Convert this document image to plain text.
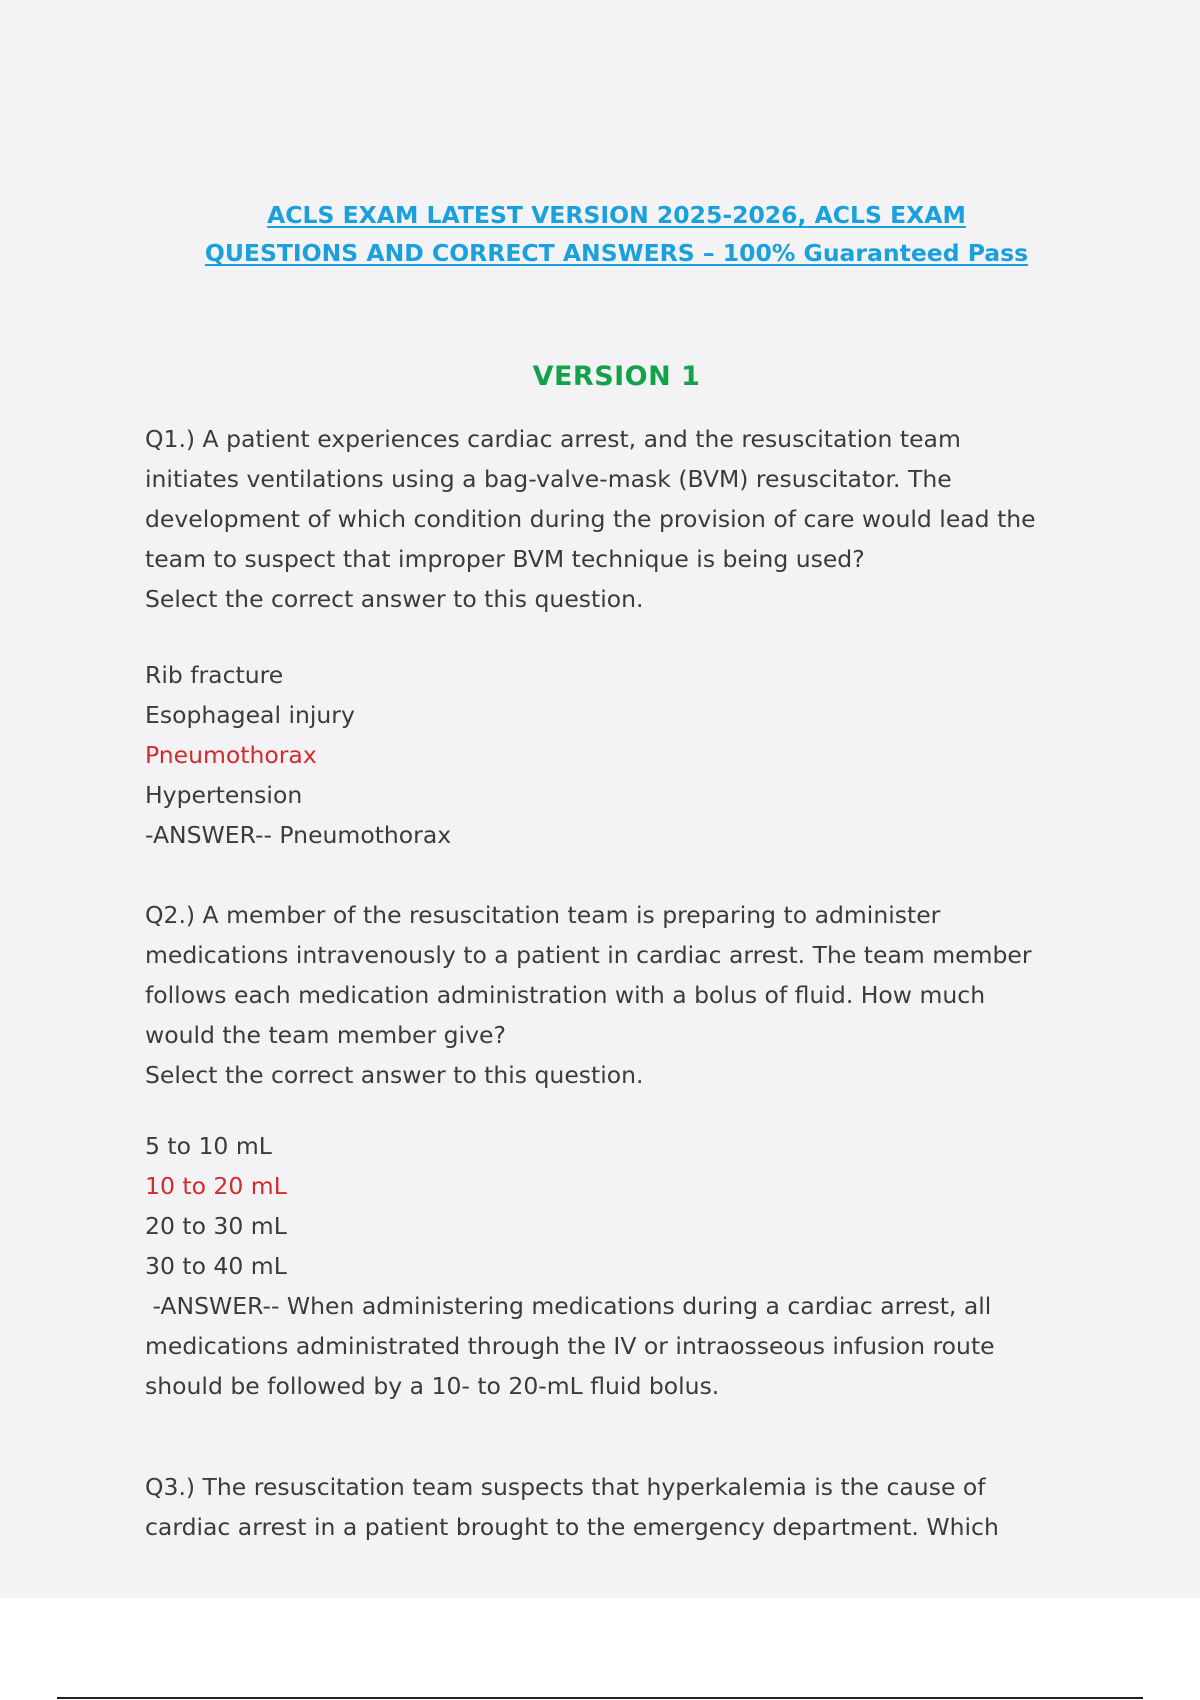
ACLS EXAM LATEST VERSION 2025-2026, ACLS EXAM
QUESTIONS AND CORRECT ANSWERS – 100% Guaranteed Pass
VERSION 1
Q1.) A patient experiences cardiac arrest, and the resuscitation team
initiates ventilations using a bag-valve-mask (BVM) resuscitator. The
development of which condition during the provision of care would lead the
team to suspect that improper BVM technique is being used?
Select the correct answer to this question.
Rib fracture
Esophageal injury
Pneumothorax
Hypertension
-ANSWER-- Pneumothorax
Q2.) A member of the resuscitation team is preparing to administer
medications intravenously to a patient in cardiac arrest. The team member
follows each medication administration with a bolus of fluid. How much
would the team member give?
Select the correct answer to this question.
5 to 10 mL
10 to 20 mL
20 to 30 mL
30 to 40 mL
-ANSWER-- When administering medications during a cardiac arrest, all
medications administrated through the IV or intraosseous infusion route
should be followed by a 10- to 20-mL fluid bolus.
Q3.) The resuscitation team suspects that hyperkalemia is the cause of
cardiac arrest in a patient brought to the emergency department. Which
